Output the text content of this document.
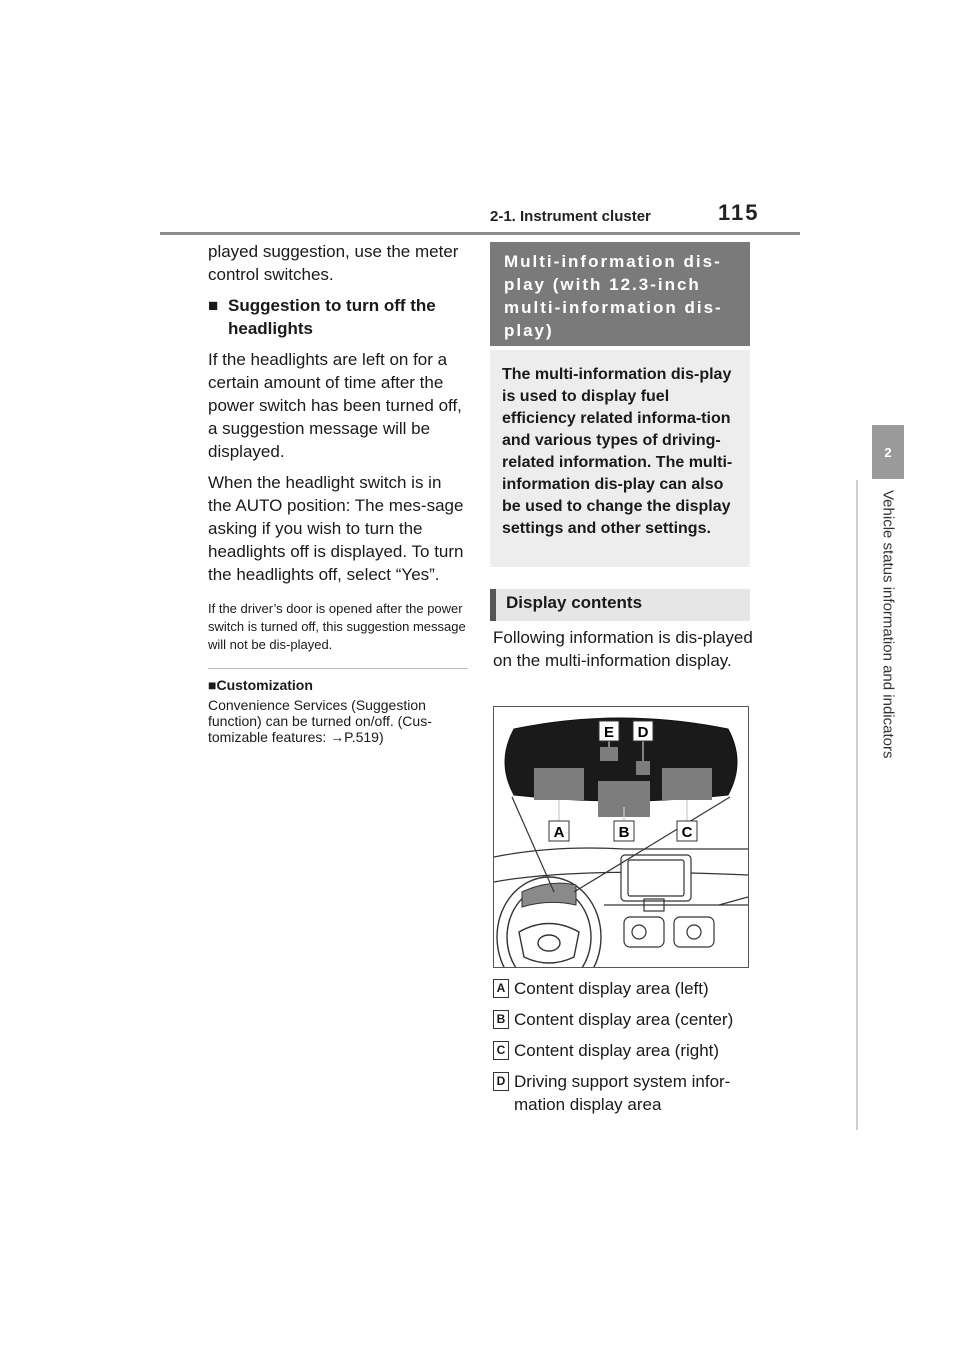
2-1. Instrument cluster	115
2
Vehicle status information and indicators

played suggestion, use the meter control switches.

■ Suggestion to turn off the headlights

If the headlights are left on for a certain amount of time after the power switch has been turned off, a suggestion message will be displayed.

When the headlight switch is in the AUTO position: The mes-sage asking if you wish to turn the headlights off is displayed. To turn the headlights off, select “Yes”.

If the driver’s door is opened after the power switch is turned off, this suggestion message will not be dis-played.

■Customization

Convenience Services (Suggestion function) can be turned on/off. (Cus-tomizable features: →P.519)

Multi-information dis-play (with 12.3-inch multi-information dis-play)
The multi-information dis-play is used to display fuel efficiency related informa-tion and various types of driving-related information. The multi-information dis-play can also be used to change the display settings and other settings.
Display contents
Following information is dis-played on the multi-information display.
A	B	C
E D
A Content display area (left)
B Content display area (center)
C Content display area (right)
D Driving support system infor-mation display area
